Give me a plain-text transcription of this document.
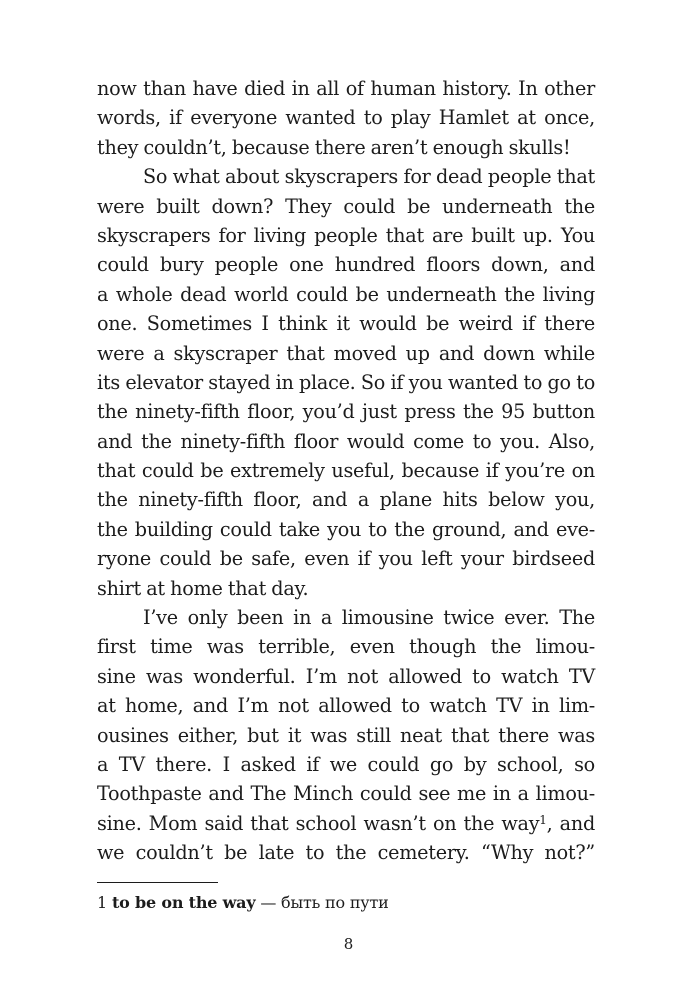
now than have died in all of human history. In other
words, if everyone wanted to play Hamlet at once,
they couldn’t, because there aren’t enough skulls!
So what about skyscrapers for dead people that
were built down? They could be underneath the
skyscrapers for living people that are built up. You
could bury people one hundred floors down, and
a whole dead world could be underneath the living
one. Sometimes I think it would be weird if there
were a skyscraper that moved up and down while
its elevator stayed in place. So if you wanted to go to
the ninety-fifth floor, you’d just press the 95 button
and the ninety-fifth floor would come to you. Also,
that could be extremely useful, because if you’re on
the ninety-fifth floor, and a plane hits below you,
the building could take you to the ground, and eve-
ryone could be safe, even if you left your birdseed
shirt at home that day.
I’ve only been in a limousine twice ever. The
first time was terrible, even though the limou-
sine was wonderful. I’m not allowed to watch TV
at home, and I’m not allowed to watch TV in lim-
ousines either, but it was still neat that there was
a TV there. I asked if we could go by school, so
Toothpaste and The Minch could see me in a limou-
sine. Mom said that school wasn’t on the way$^1$, and
we couldn’t be late to the cemetery. “Why not?”
1 to be on the way — быть по пути
8
